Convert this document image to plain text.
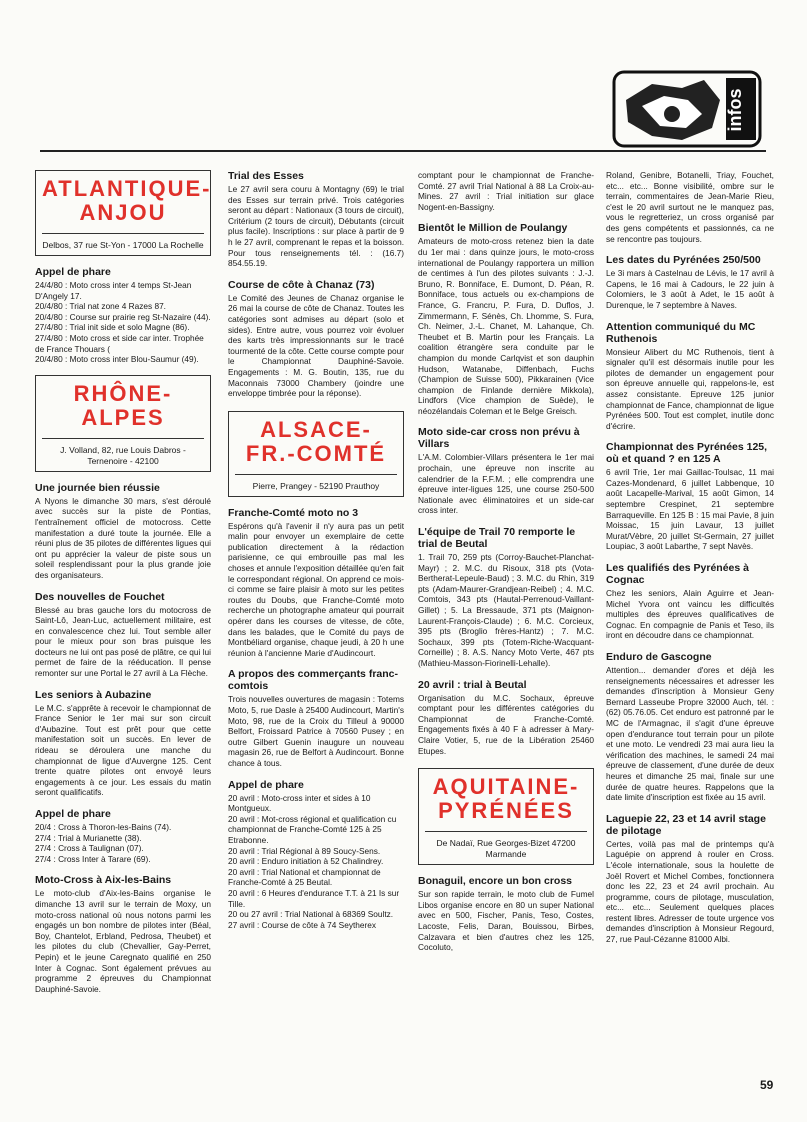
infos
ATLANTIQUE-
ANJOU
Delbos, 37 rue St-Yon - 17000 La Rochelle
Appel de phare
24/4/80 : Moto cross inter 4 temps St-Jean D'Angely 17.
20/4/80 : Trial nat zone 4 Razes 87.
20/4/80 : Course sur prairie reg St-Nazaire (44).
27/4/80 : Trial init side et solo Magne (86).
27/4/80 : Moto cross et side car inter. Trophée de France Thouars (
20/4/80 : Moto cross inter Blou-Saumur (49).
RHÔNE-ALPES
J. Volland, 82, rue Louis Dabros - Ternenoire - 42100
Une journée bien réussie

A Nyons le dimanche 30 mars, s'est déroulé avec succès sur la piste de Pontias, l'entraînement officiel de motocross. Cette manifestation a duré toute la journée. Elle a réuni plus de 35 pilotes de différentes ligues qui ont pu apprécier la valeur de piste sous un soleil resplendissant pour la plus grande joie des organisateurs.

Des nouvelles de Fouchet

Blessé au bras gauche lors du motocross de Saint-Lô, Jean-Luc, actuellement militaire, est en convalescence chez lui. Tout semble aller pour le mieux pour son bras puisque les docteurs ne lui ont pas posé de plâtre, ce qui lui permet de faire de la rééducation. Il pense remonter sur une Portal le 27 avril à La Flèche.

Les seniors à Aubazine

Le M.C. s'apprête à recevoir le championnat de France Senior le 1er mai sur son circuit d'Aubazine. Tout est prêt pour que cette manifestation soit un succès. En lever de rideau se déroulera une manche du championnat de ligue d'Auvergne 125. Cent trente quatre pilotes ont envoyé leurs engagements à ce jour. Les essais du matin seront qualificatifs.

Appel de phare
20/4 : Cross à Thoron-les-Bains (74).
27/4 : Trial à Murianette (38).
27/4 : Cross à Taulignan (07).
27/4 : Cross Inter à Tarare (69).
Moto-Cross à Aix-les-Bains

Le moto-club d'Aix-les-Bains organise le dimanche 13 avril sur le terrain de Moxy, un moto-cross national où nous notons parmi les engagés un bon nombre de pilotes inter (Béal, Boy, Chantelot, Erbland, Pedrosa, Theubet) et les pilotes du club (Chevallier, Gay-Perret, Pepin) et le jeune Caregnato qualifié en 250 Inter à Cognac. Sont également prévues au programme 2 épreuves du Championnat Dauphiné-Savoie.

Trial des Esses

Le 27 avril sera couru à Montagny (69) le trial des Esses sur terrain privé. Trois catégories seront au départ : Nationaux (3 tours de circuit), Critérium (2 tours de circuit), Débutants (circuit plus facile). Inscriptions : sur place à partir de 9 h le 27 avril, comprenant le repas et la boisson. Pour tous renseignements tél. : (16.7) 854.55.19.

Course de côte à Chanaz (73)

Le Comité des Jeunes de Chanaz organise le 26 mai la course de côte de Chanaz. Toutes les catégories sont admises au départ (solo et sides). Entre autre, vous pourrez voir évoluer des karts très impressionnants sur le tracé tourmenté de la côte. Cette course compte pour le Championnat Dauphiné-Savoie. Engagements : M. G. Boutin, 135, rue du Maconnais 73000 Chambery (joindre une enveloppe timbrée pour la réponse).

ALSACE-
FR.-COMTÉ
Pierre, Prangey - 52190 Prauthoy
Franche-Comté moto no 3

Espérons qu'à l'avenir il n'y aura pas un petit malin pour envoyer un exemplaire de cette publication directement à la rédaction parisienne, ce qui embrouille pas mal les choses et annule l'exposition détaillée qu'en fait le correspondant régional. On apprend ce mois-ci comme se faire plaisir à moto sur les petites routes du Doubs, que Franche-Comté moto recherche un photographe amateur qui pourrait opérer dans les courses de vitesse, de côte, dans les balades, que le Comité du pays de Montbéliard organise, chaque jeudi, à 20 h une réunion à l'ancienne Marie d'Audincourt.

A propos des commerçants franc-comtois

Trois nouvelles ouvertures de magasin : Totems Moto, 5, rue Dasle à 25400 Audincourt, Martin's Moto, 98, rue de la Croix du Tilleul à 90000 Belfort, Froissard Patrice à 70560 Pusey ; en outre Gilbert Guenin inaugure un nouveau magasin 26, rue de Belfort à Audincourt. Bonne chance à tous.

Appel de phare
20 avril : Moto-cross inter et sides à 10 Montgueux.
20 avril : Mot-cross régional et qualification cu championnat de Franche-Comté 125 à 25 Etrabonne.
20 avril : Trial Régional à 89 Soucy-Sens.
20 avril : Enduro initiation à 52 Chalindrey.
20 avril : Trial National et championnat de Franche-Comté à 25 Beutal.
20 avril : 6 Heures d'endurance T.T. à 21 Is sur Tille.
20 ou 27 avril : Trial National à 68369 Soultz.
27 avril : Course de côte à 74 Seytherex

comptant pour le championnat de Franche-Comté. 27 avril Trial National à 88 La Croix-au-Mines. 27 avril : Trial initiation sur glace Nogent-en-Bassigny.

Bientôt le Million de Poulangy

Amateurs de moto-cross retenez bien la date du 1er mai : dans quinze jours, le moto-cross international de Poulangy rapportera un million de centimes à l'un des pilotes suivants : J.-J. Bruno, R. Bonniface, E. Dumont, D. Péan, R. Bonniface, tous actuels ou ex-champions de France, G. Francru, P. Fura, D. Duflos, J. Zimmermann, F. Sénès, Ch. Lhomme, S. Fura, Ch. Neimer, J.-L. Chanet, M. Lahanque, Ch. Theubet et B. Martin pour les Français. La coalition étrangère sera conduite par le champion du monde Carlqvist et son dauphin Hudson, Watanabe, Diffenbach, Fuchs (Champion de Suisse 500), Pikkarainen (Vice champion de Finlande dernière Mikkola), Lindfors (Vice champion de Suède), le néozélandais Coleman et le Belge Greisch.

Moto side-car cross non prévu à Villars

L'A.M. Colombier-Villars présentera le 1er mai prochain, une épreuve non inscrite au calendrier de la F.F.M. ; elle comprendra une épreuve inter-ligues 125, une course 250-500 Nationale avec éliminatoires et un side-car cross inter.

L'équipe de Trail 70 remporte le trial de Beutal

1. Trail 70, 259 pts (Corroy-Bauchet-Planchat-Mayr) ; 2. M.C. du Risoux, 318 pts (Vota-Bertherat-Lepeule-Baud) ; 3. M.C. du Rhin, 319 pts (Adam-Maurer-Grandjean-Reibel) ; 4. M.C. Comtois, 343 pts (Hautal-Perrenoud-Vaillant-Gillet) ; 5. La Bressaude, 371 pts (Maignon-Laurent-François-Claude) ; 6. M.C. Corcieux, 395 pts (Broglio frères-Hantz) ; 7. M.C. Sochaux, 399 pts (Totem-Riche-Wacquant-Corneille) ; 8. A.S. Nancy Moto Verte, 467 pts (Mathieu-Masson-Fiorinelli-Lehalle).

20 avril : trial à Beutal

Organisation du M.C. Sochaux, épreuve comptant pour les différentes catégories du Championnat de Franche-Comté. Engagements fixés à 40 F à adresser à Mary-Claire Votier, 5, rue de la Libération 25460 Etupes.

AQUITAINE-
PYRÉNÉES
De Nadaï, Rue Georges-Bizet 47200 Marmande
Bonaguil, encore un bon cross

Sur son rapide terrain, le moto club de Fumel Libos organise encore en 80 un super National avec en 500, Fischer, Panis, Teso, Costes, Lacoste, Felis, Daran, Bouissou, Birbes, Calzavara et bien d'autres chez les 125, Cocoluto,

Roland, Genibre, Botanelli, Triay, Fouchet, etc... etc... Bonne visibilité, ombre sur le terrain, commentaires de Jean-Marie Rieu, c'est le 20 avril surtout ne le manquez pas, vous le regretteriez, un cross organisé par des gens compétents et passionnés, ca ne se rencontre pas toujours.

Les dates du Pyrénées 250/500

Le 3i mars à Castelnau de Lévis, le 17 avril à Capens, le 16 mai à Cadours, le 22 juin à Colomiers, le 3 août à Adet, le 15 août à Durenque, le 7 septembre à Naves.

Attention communiqué du MC Ruthenois

Monsieur Alibert du MC Ruthenois, tient à signaler qu'il est désormais inutile pour les pilotes de demander un engagement pour son épreuve annuelle qui, rappelons-le, est assez consistante. Epreuve 125 junior championnat de Fance, championnat de ligue Pyrénées 500. Tout est complet, inutile donc d'écrire.

Championnat des Pyrénées 125, où et quand ? en 125 A

6 avril Trie, 1er mai Gaillac-Toulsac, 11 mai Cazes-Mondenard, 6 juillet Labbenque, 10 août Lacapelle-Marival, 15 août Gimon, 14 septembre Crespinet, 21 septembre Barraqueville. En 125 B : 15 mai Pavie, 8 juin Moissac, 15 juin Lavaur, 13 juillet Murat/Vèbre, 20 juillet St-Germain, 27 juillet Loupiac, 3 août Labarthe, 7 sept Navès.

Les qualifiés des Pyrénées à Cognac

Chez les seniors, Alain Aguirre et Jean-Michel Yvora ont vaincu les difficultés multiples des épreuves qualificatives de Cognac. En compagnie de Panis et Teso, ils iront en découdre dans ce championnat.

Enduro de Gascogne

Attention... demander d'ores et déjà les renseignements nécessaires et adresser les demandes d'inscription à Monsieur Geny Bernard Lasseube Propre 32000 Auch, tél. : (62) 05.76.05. Cet enduro est patronné par le MC de l'Armagnac, il s'agit d'une épreuve open d'endurance tout terrain pour un pilote et une moto. Le vendredi 23 mai aura lieu la vérification des machines, le samedi 24 mai épreuve de classement, d'une durée de deux heures et dimanche 25 mai, finale sur une durée de quatre heures. Rappelons que la date limite d'inscription est fixée au 15 avril.

Laguepie 22, 23 et 14 avril stage de pilotage

Certes, voilà pas mal de printemps qu'à Laguépie on apprend à rouler en Cross. L'école internationale, sous la houlette de Joël Rovert et Michel Combes, fonctionnera donc les 22, 23 et 24 avril prochain. Au programme, cours de pilotage, musculation, etc... etc... Seulement quelques places restent libres. Adresser de toute urgence vos demandes d'inscription à Monsieur Regourd, 27, rue Paul-Cézanne 81000 Albi.

59
